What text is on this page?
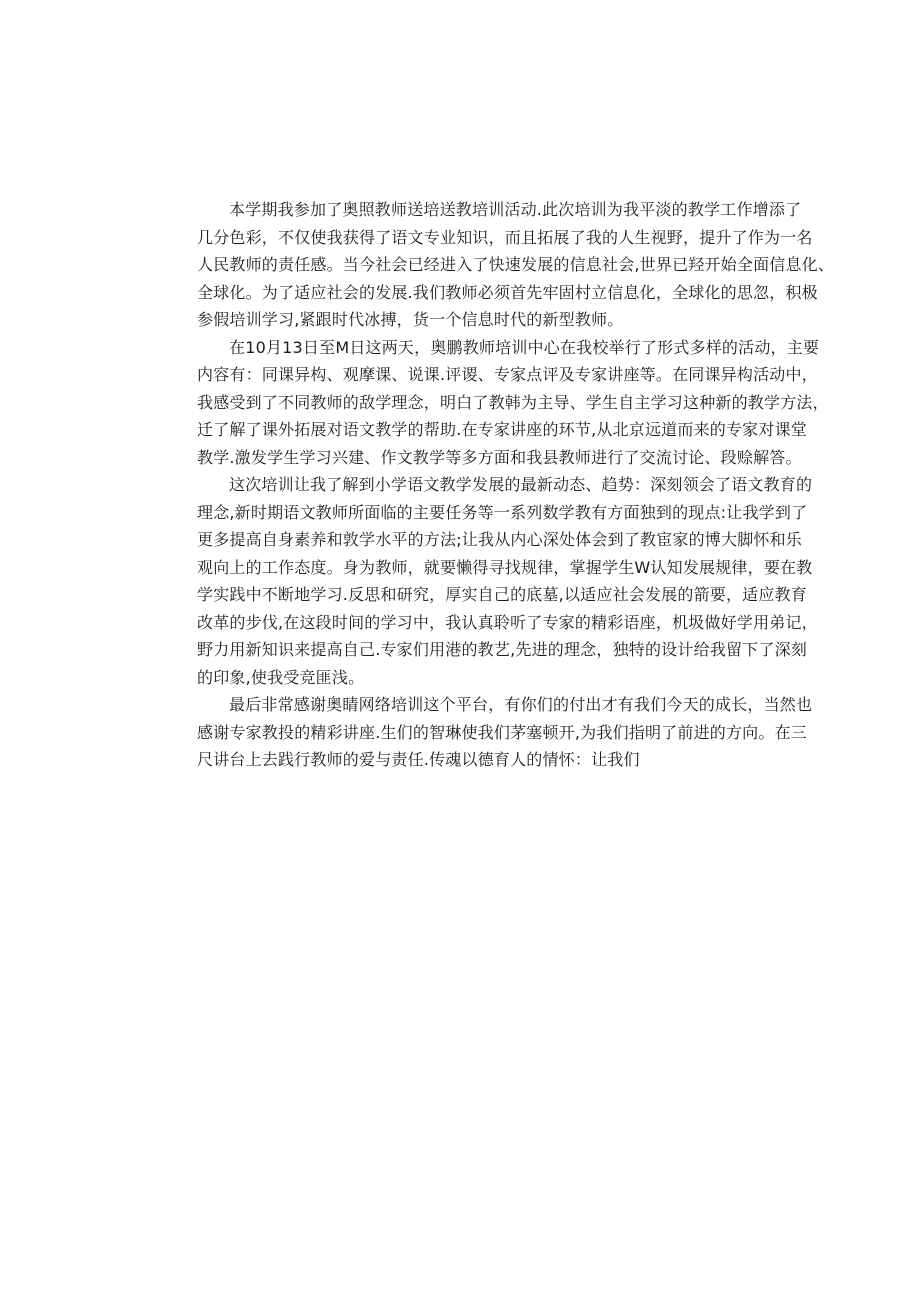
本学期我参加了奥照教师送培送教培训活动.此次培训为我平淡的教学工作增添了
几分色彩，不仅使我获得了语文专业知识，而且拓展了我的人生视野，提升了作为一名
人民教师的责任感。当今社会已经进入了快速发展的信息社会,世界已羟开始全面信息化、
全球化。为了适应社会的发展.我们教师必须首先牢固村立信息化，全球化的思忽，积极
参假培训学习,紧跟时代冰搏，货一个信息时代的新型教师。
在10月13日至M日这两天，奥鹏教师培训中心在我校举行了形式多样的活动，主要
内容有：同课异构、观摩课、说课.评谡、专家点评及专家讲座等。在同课异构活动中，
我感受到了不同教师的敌学理念，明白了教韩为主导、学生自主学习这种新的教学方法，
迁了解了课外拓展对语文教学的帮助.在专家讲座的环节,从北京远道而来的专家对课堂
教学.激发学生学习兴建、作文教学等多方面和我县教师进行了交流讨论、段赊解答。
这次培训让我了解到小学语文教学发展的最新动态、趋势：深刻领会了语文教育的
理念,新时期语文教师所面临的主要任务等一系列数学教有方面独到的现点:让我学到了
更多提高自身素养和敦学水平的方法;让我从内心深处体会到了教宦家的博大脚怀和乐
观向上的工作态度。身为教师，就要懒得寻找规律，掌握学生W认知发展规律，要在教
学实践中不断地学习.反思和研究，厚实自己的底墓,以适应社会发展的箭要，适应教育
改革的步伐,在这段时间的学习中，我认真聆听了专家的精彩语座，机圾做好学用弟记，
野力用新知识来提高自己.专家们用港的教艺,先进的理念，独特的设计给我留下了深刻
的印象,使我受竞匪浅。
最后非常感谢奥睛网络培训这个平台，有你们的付出才有我们今天的成长，当然也
感谢专家教投的精彩讲座.生们的智琳使我们茅塞顿开,为我们指明了前进的方向。在三
尺讲台上去践行教师的爱与责任.传魂以德育人的情怀：让我们
